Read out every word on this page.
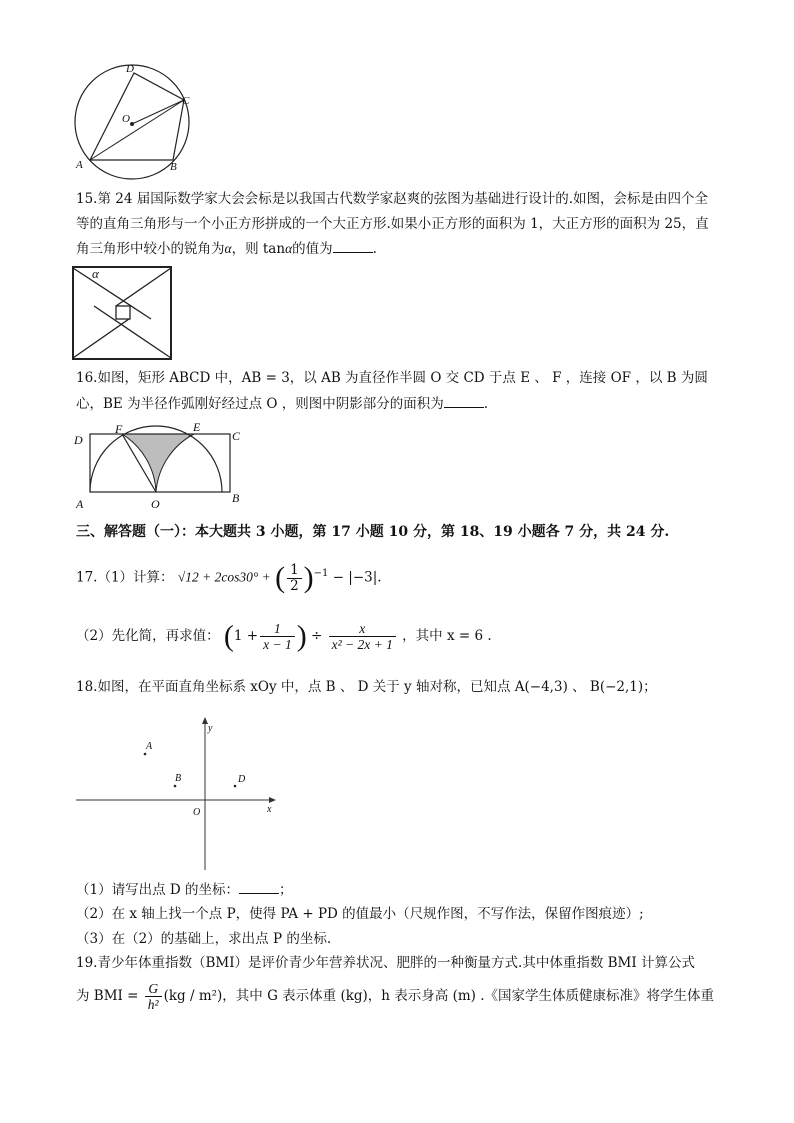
D
C
O
A	B
15.第 24 届国际数学家大会会标是以我国古代数学家赵爽的弦图为基础进行设计的.如图，会标是由四个全
等的直角三角形与一个小正方形拼成的一个大正方形.如果小正方形的面积为 1，大正方形的面积为 25，直
角三角形中较小的锐角为α，则 tanα的值为	.
α
16.如图，矩形 ABCD 中，AB = 3，以 AB 为直径作半圆 O 交 CD 于点 E 、 F ，连接 OF ，以 B 为圆
心，BE 为半径作弧刚好经过点 O ，则图中阴影部分的面积为	.
D
F	E
C
A	O	B
三、解答题（一）：本大题共 3 小题，第 17 小题 10 分，第 18、19 小题各 7 分，共 24 分.
17.（1）计算： √12 + 2cos30° + ( $\frac{1}{2} )^{-1} - |-3|$.
（2）先化简，再求值： ($1 + \frac{1}{x - 1}$ ) ÷ $\frac{x}{\text{x² − 2x + 1}}$ ，其中 x = 6 .
18.如图，在平面直角坐标系 xOy 中，点 B 、 D 关于 y 轴对称，已知点 A(−4,3) 、 B(−2,1)；
y
x
O
A
B	D
（1）请写出点 D 的坐标：	；
（2）在 x 轴上找一个点 P，使得 PA + PD 的值最小（尺规作图，不写作法，保留作图痕迹）;
（3）在（2）的基础上，求出点 P 的坐标.
19.青少年体重指数（BMI）是评价青少年营养状况、肥胖的一种衡量方式.其中体重指数 BMI 计算公式
为 BMI = $\frac{G}{\text{h²}} (kg / m^2)$，其中 G 表示体重 (kg)，h 表示身高 (m) .《国家学生体质健康标准》将学生体重
